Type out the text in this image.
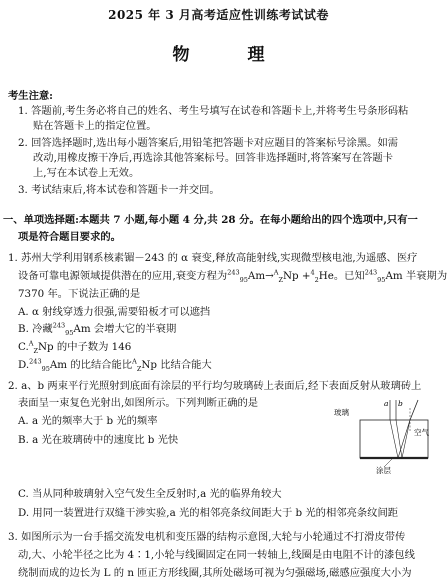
2025 年 3 月高考适应性训练考试试卷
物 理
考生注意:
1. 答题前,考生务必将自己的姓名、考生号填写在试卷和答题卡上,并将考生号条形码粘
贴在答题卡上的指定位置。
2. 回答选择题时,选出每小题答案后,用铅笔把答题卡对应题目的答案标号涂黑。如需
改动,用橡皮擦干净后,再选涂其他答案标号。回答非选择题时,将答案写在答题卡
上,写在本试卷上无效。
3. 考试结束后,将本试卷和答题卡一并交回。
一、单项选择题:本题共 7 小题,每小题 4 分,共 28 分。在每小题给出的四个选项中,只有一
项是符合题目要求的。
1. 苏州大学利用钢系核素镅－243 的 α 衰变,释放高能射线,实现微型核电池,为遥感、医疗
设备可靠电源领域提供潜在的应用,衰变方程为$^{243}_{95}$Am→$^A_Z$Np +$^4_2$He。已知$^{243}_{95}$Am 半衰期为
7370 年。下说法正确的是
A. α 射线穿透力很强,需要铅板才可以遮挡
B. 冷藏$^{243}_{95}$Am 会增大它的半衰期
C.$^A_Z$Np 的中子数为 146
D.$^{243}_{95}$Am 的比结合能比$^A_Z$Np 比结合能大
2. a、b 两束平行光照射到底面有涂层的平行均匀玻璃砖上表面后,经下表面反射从玻璃砖上
表面呈一束复色光射出,如图所示。下列判断正确的是
A. a 光的频率大于 b 光的频率
B. a 光在玻璃砖中的速度比 b 光快
C. 当从同种玻璃射入空气发生全反射时,a 光的临界角较大
D. 用同一装置进行双缝干涉实验,a 光的相邻亮条纹间距大于 b 光的相邻亮条纹间距
玻璃
a b
空气
涂层
3. 如图所示为一台手摇交流发电机和变压器的结构示意图,大轮与小轮通过不打滑皮带传
动,大、小轮半径之比为 4∶1,小轮与线圈固定在同一转轴上,线圈是由电阻不计的漆包线
绕制而成的边长为 L 的 n 匝正方形线圈,其所处磁场可视为匀强磁场,磁感应强度大小为
